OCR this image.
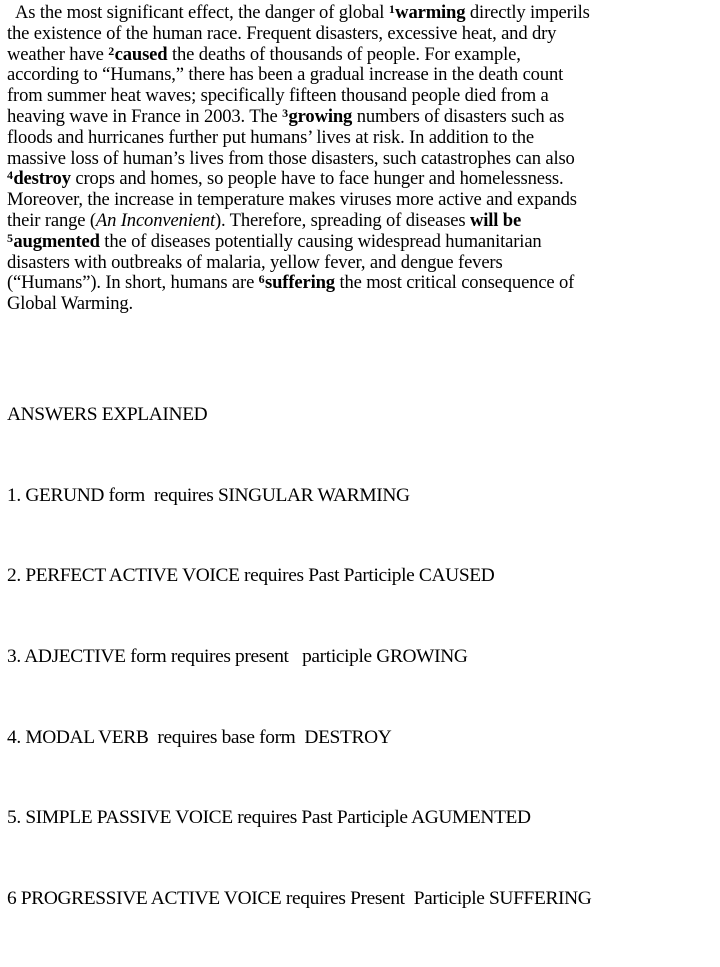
As the most significant effect, the danger of global $^1$warming directly imperils
the existence of the human race. Frequent disasters, excessive heat, and dry
weather have $^2$caused the deaths of thousands of people. For example,
according to “Humans,” there has been a gradual increase in the death count
from summer heat waves; specifically fifteen thousand people died from a
heaving wave in France in 2003. The $^3$growing numbers of disasters such as
floods and hurricanes further put humans’ lives at risk. In addition to the
massive loss of human’s lives from those disasters, such catastrophes can also
$^4$destroy crops and homes, so people have to face hunger and homelessness.
Moreover, the increase in temperature makes viruses more active and expands
their range (An Inconvenient). Therefore, spreading of diseases will be
$^5$augmented the of diseases potentially causing widespread humanitarian
disasters with outbreaks of malaria, yellow fever, and dengue fevers
(“Humans”). In short, humans are $^6$suffering the most critical consequence of
Global Warming.

ANSWERS EXPLAINED

1. GERUND form  requires SINGULAR WARMING

2. PERFECT ACTIVE VOICE requires Past Participle CAUSED

3. ADJECTIVE form requires present   participle GROWING

4. MODAL VERB  requires base form  DESTROY

5. SIMPLE PASSIVE VOICE requires Past Participle AGUMENTED

6 PROGRESSIVE ACTIVE VOICE requires Present  Participle SUFFERING
